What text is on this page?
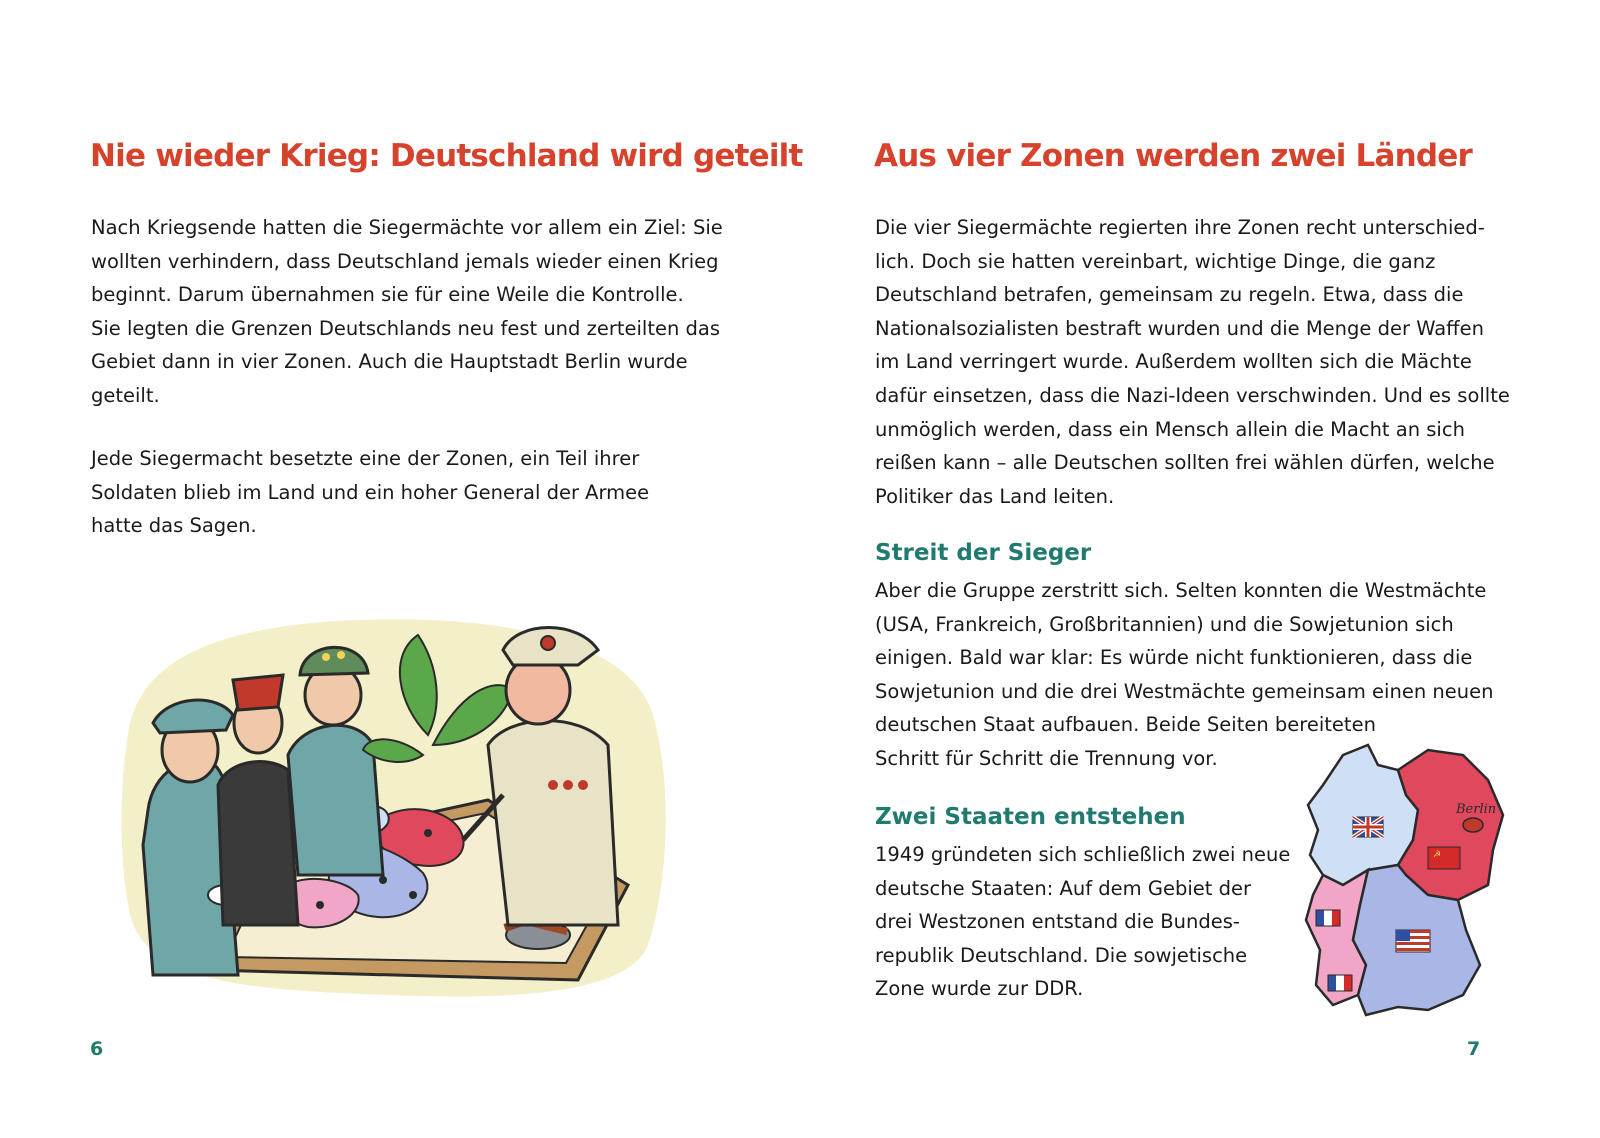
Nie wieder Krieg: Deutschland wird geteilt
Nach Kriegsende hatten die Siegermächte vor allem ein Ziel: Sie
wollten verhindern, dass Deutschland jemals wieder einen Krieg
beginnt. Darum übernahmen sie für eine Weile die Kontrolle.
Sie legten die Grenzen Deutschlands neu fest und zerteilten das
Gebiet dann in vier Zonen. Auch die Hauptstadt Berlin wurde
geteilt.
Jede Siegermacht besetzte eine der Zonen, ein Teil ihrer
Soldaten blieb im Land und ein hoher General der Armee
hatte das Sagen.
6
Aus vier Zonen werden zwei Länder
Die vier Siegermächte regierten ihre Zonen recht unterschied-
lich. Doch sie hatten vereinbart, wichtige Dinge, die ganz
Deutschland betrafen, gemeinsam zu regeln. Etwa, dass die
Nationalsozialisten bestraft wurden und die Menge der Waffen
im Land verringert wurde. Außerdem wollten sich die Mächte
dafür einsetzen, dass die Nazi-Ideen verschwinden. Und es sollte
unmöglich werden, dass ein Mensch allein die Macht an sich
reißen kann – alle Deutschen sollten frei wählen dürfen, welche
Politiker das Land leiten.
Streit der Sieger
Aber die Gruppe zerstritt sich. Selten konnten die Westmächte
(USA, Frankreich, Großbritannien) und die Sowjetunion sich
einigen. Bald war klar: Es würde nicht funktionieren, dass die
Sowjetunion und die drei Westmächte gemeinsam einen neuen
deutschen Staat aufbauen. Beide Seiten bereiteten
Schritt für Schritt die Trennung vor.
Zwei Staaten entstehen
1949 gründeten sich schließlich zwei neue
deutsche Staaten: Auf dem Gebiet der
drei Westzonen entstand die Bundes-
republik Deutschland. Die sowjetische
Zone wurde zur DDR.
Berlin
☭
7
